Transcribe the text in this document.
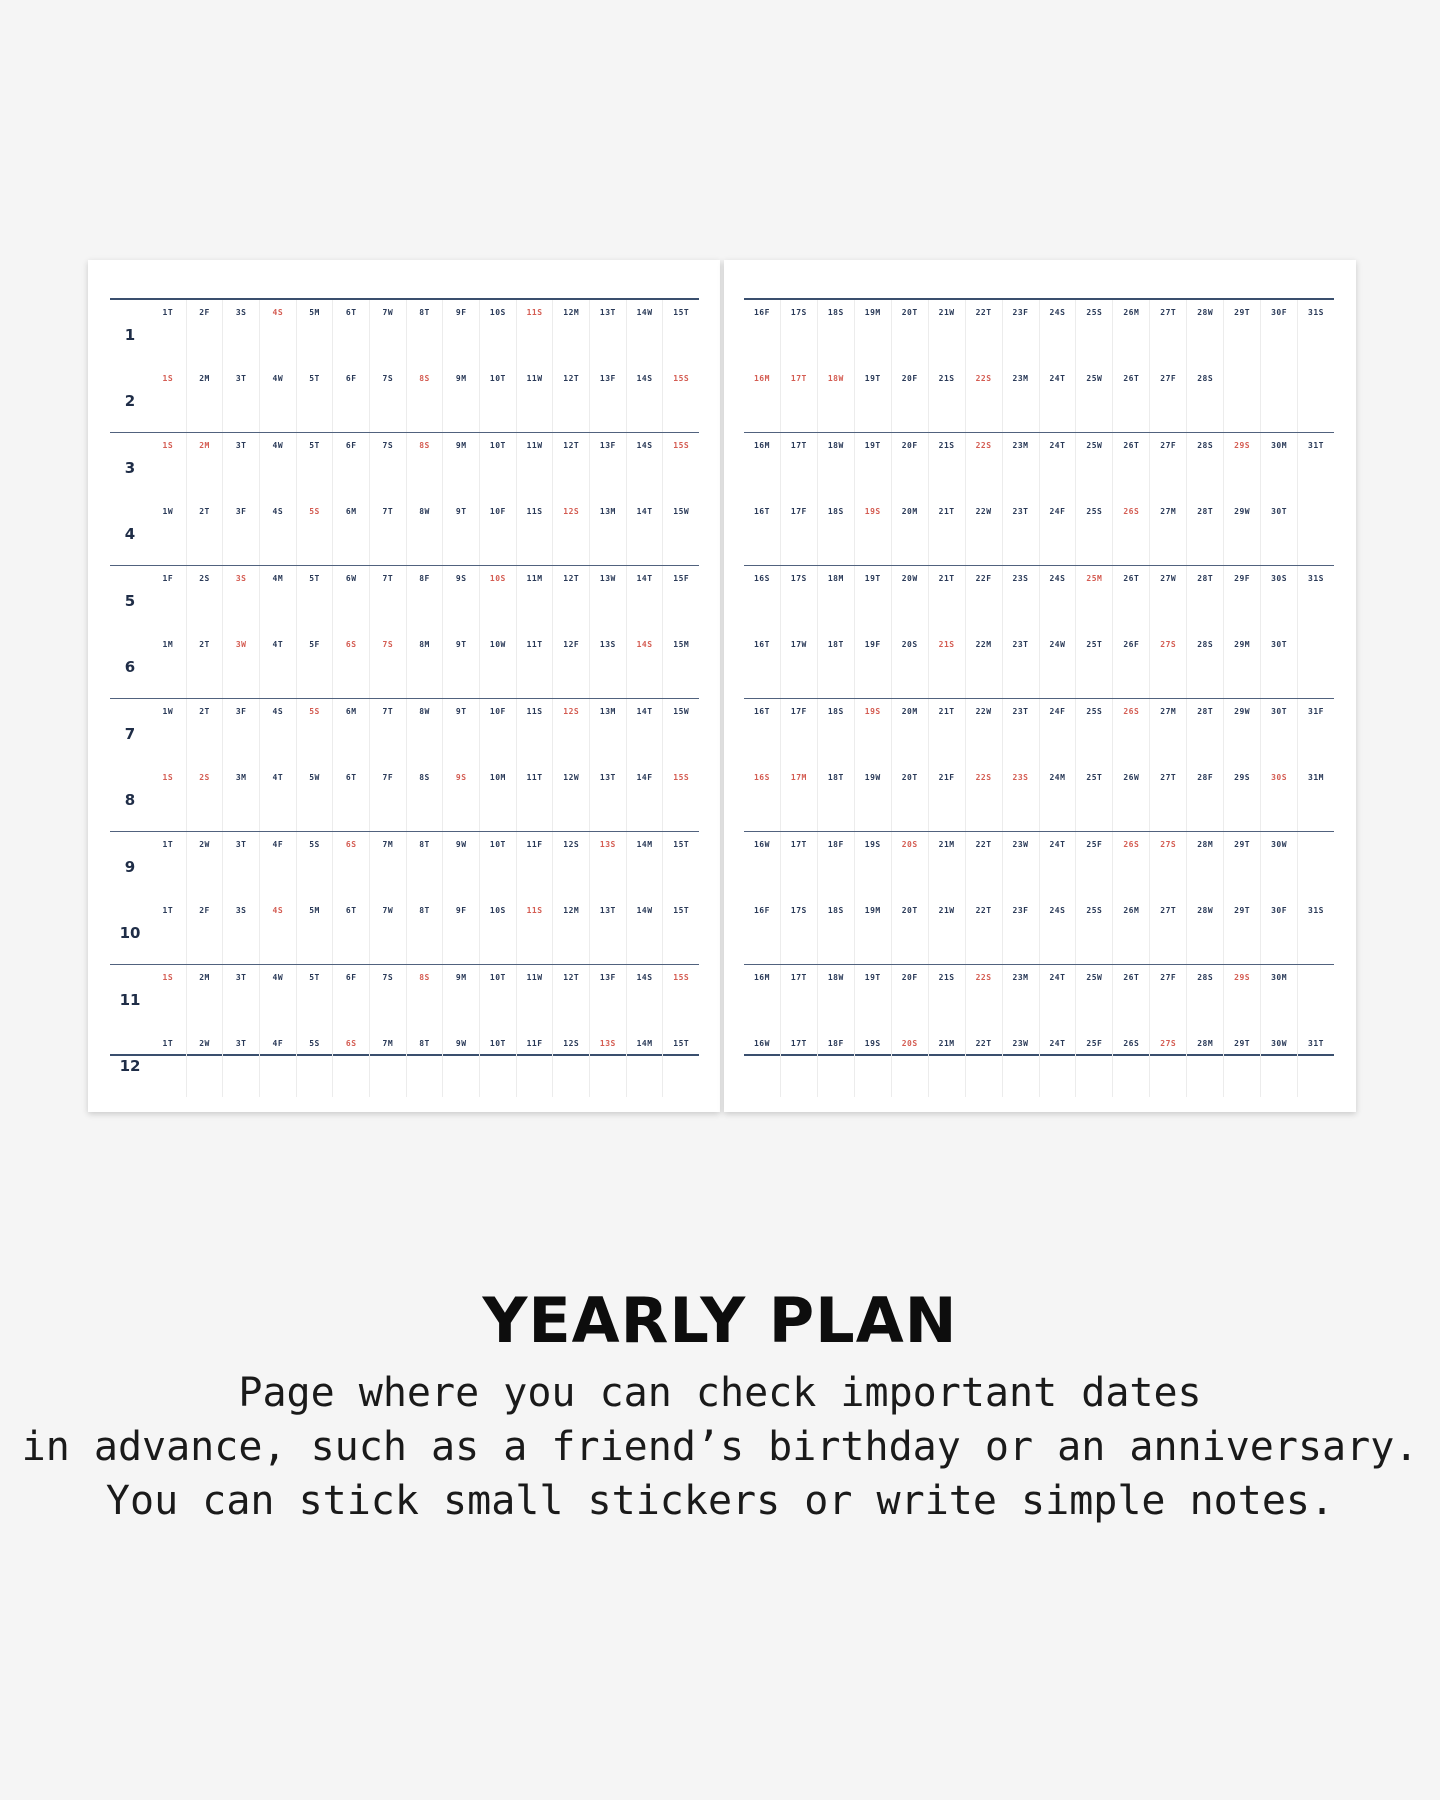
1
1T	2F	3S	4S	5M	6T	7W	8T	9F	10S	11S	12M	13T	14W	15T
2
1S	2M	3T	4W	5T	6F	7S	8S	9M	10T	11W	12T	13F	14S	15S
3
1S	2M	3T	4W	5T	6F	7S	8S	9M	10T	11W	12T	13F	14S	15S
4
1W	2T	3F	4S	5S	6M	7T	8W	9T	10F	11S	12S	13M	14T	15W
5
1F	2S	3S	4M	5T	6W	7T	8F	9S	10S	11M	12T	13W	14T	15F
6
1M	2T	3W	4T	5F	6S	7S	8M	9T	10W	11T	12F	13S	14S	15M
7
1W	2T	3F	4S	5S	6M	7T	8W	9T	10F	11S	12S	13M	14T	15W
8
1S	2S	3M	4T	5W	6T	7F	8S	9S	10M	11T	12W	13T	14F	15S
9
1T	2W	3T	4F	5S	6S	7M	8T	9W	10T	11F	12S	13S	14M	15T
10
1T	2F	3S	4S	5M	6T	7W	8T	9F	10S	11S	12M	13T	14W	15T
11
1S	2M	3T	4W	5T	6F	7S	8S	9M	10T	11W	12T	13F	14S	15S
12
1T	2W	3T	4F	5S	6S	7M	8T	9W	10T	11F	12S	13S	14M	15T
16F	17S	18S	19M	20T	21W	22T	23F	24S	25S	26M	27T	28W	29T	30F	31S
16M	17T	18W	19T	20F	21S	22S	23M	24T	25W	26T	27F	28S
16M	17T	18W	19T	20F	21S	22S	23M	24T	25W	26T	27F	28S	29S	30M	31T
16T	17F	18S	19S	20M	21T	22W	23T	24F	25S	26S	27M	28T	29W	30T
16S	17S	18M	19T	20W	21T	22F	23S	24S	25M	26T	27W	28T	29F	30S	31S
16T	17W	18T	19F	20S	21S	22M	23T	24W	25T	26F	27S	28S	29M	30T
16T	17F	18S	19S	20M	21T	22W	23T	24F	25S	26S	27M	28T	29W	30T	31F
16S	17M	18T	19W	20T	21F	22S	23S	24M	25T	26W	27T	28F	29S	30S	31M
16W	17T	18F	19S	20S	21M	22T	23W	24T	25F	26S	27S	28M	29T	30W
16F	17S	18S	19M	20T	21W	22T	23F	24S	25S	26M	27T	28W	29T	30F	31S
16M	17T	18W	19T	20F	21S	22S	23M	24T	25W	26T	27F	28S	29S	30M
16W	17T	18F	19S	20S	21M	22T	23W	24T	25F	26S	27S	28M	29T	30W	31T
YEARLY PLAN
Page where you can check important dates
in advance, such as a friend’s birthday or an anniversary.
You can stick small stickers or write simple notes.
